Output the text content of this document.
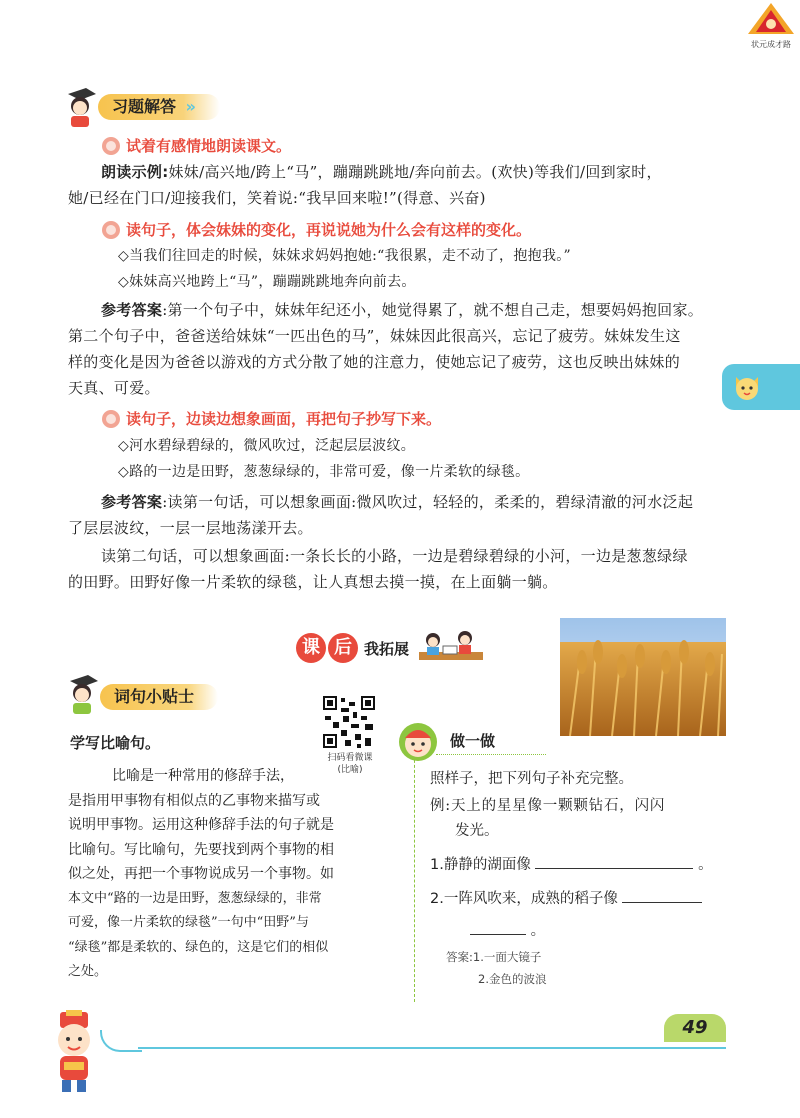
状元成才路
习题解答 »
试着有感情地朗读课文。
朗读示例:妹妹/高兴地/跨上“马”，蹦蹦跳跳地/奔向前去。(欢快)等我们/回到家时，
她/已经在门口/迎接我们，笑着说:“我早回来啦!”(得意、兴奋)
读句子，体会妹妹的变化，再说说她为什么会有这样的变化。
◇当我们往回走的时候，妹妹求妈妈抱她:“我很累，走不动了，抱抱我。”
◇妹妹高兴地跨上“马”，蹦蹦跳跳地奔向前去。
参考答案:第一个句子中，妹妹年纪还小，她觉得累了，就不想自己走，想要妈妈抱回家。
第二个句子中，爸爸送给妹妹“一匹出色的马”，妹妹因此很高兴，忘记了疲劳。妹妹发生这
样的变化是因为爸爸以游戏的方式分散了她的注意力，使她忘记了疲劳，这也反映出妹妹的
天真、可爱。
读句子，边读边想象画面，再把句子抄写下来。
◇河水碧绿碧绿的，微风吹过，泛起层层波纹。
◇路的一边是田野，葱葱绿绿的，非常可爱，像一片柔软的绿毯。
参考答案:读第一句话，可以想象画面:微风吹过，轻轻的，柔柔的，碧绿清澈的河水泛起
了层层波纹，一层一层地荡漾开去。
读第二句话，可以想象画面:一条长长的小路，一边是碧绿碧绿的小河，一边是葱葱绿绿
的田野。田野好像一片柔软的绿毯，让人真想去摸一摸，在上面躺一躺。
课 后 我拓展
词句小贴士
学写比喻句。
扫码看微课
(比喻)
比喻是一种常用的修辞手法，
是指用甲事物有相似点的乙事物来描写或
说明甲事物。运用这种修辞手法的句子就是
比喻句。写比喻句，先要找到两个事物的相
似之处，再把一个事物说成另一个事物。如
本文中“路的一边是田野，葱葱绿绿的，非常
可爱，像一片柔软的绿毯”一句中“田野”与
“绿毯”都是柔软的、绿色的，这是它们的相似
之处。
做一做
照样子，把下列句子补充完整。
例:天上的星星像一颗颗钻石，闪闪
发光。
1.静静的湖面像	。
2.一阵风吹来，成熟的稻子像
。
答案:1.一面大镜子
2.金色的波浪
49
